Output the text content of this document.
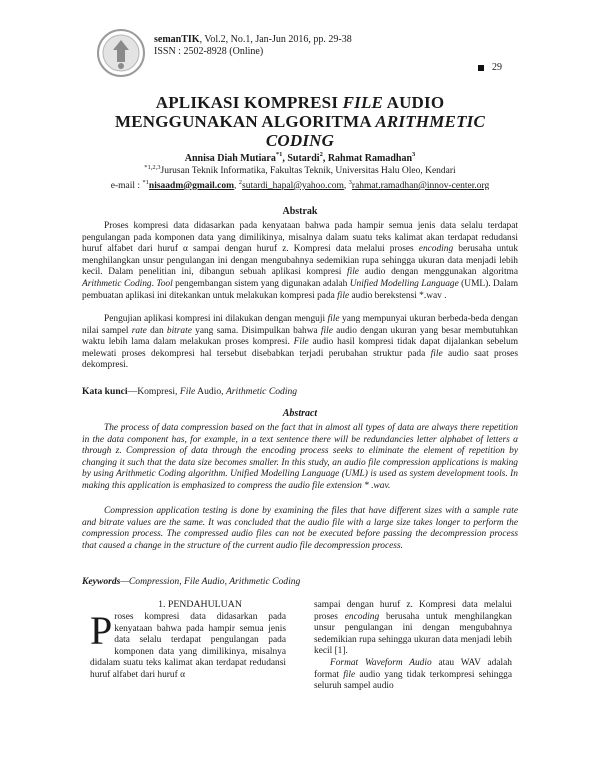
semanTIK, Vol.2, No.1, Jan-Jun 2016, pp. 29-38
ISSN : 2502-8928 (Online)
29
APLIKASI KOMPRESI FILE AUDIO
MENGGUNAKAN ALGORITMA ARITHMETIC
CODING
Annisa Diah Mutiara$^{*1}$, Sutardi$^2$, Rahmat Ramadhan$^3$
$^{*1,2,3}$Jurusan Teknik Informatika, Fakultas Teknik, Universitas Halu Oleo, Kendari
e-mail : $^{*1}$nisaadm@gmail.com, $^2$sutardi_hapal@yahoo.com, $^3$rahmat.ramadhan@innov-center.org
Abstrak
Proses kompresi data didasarkan pada kenyataan bahwa pada hampir semua jenis data selalu terdapat pengulangan pada komponen data yang dimilikinya, misalnya dalam suatu teks kalimat akan terdapat redudansi huruf alfabet dari huruf α sampai dengan huruf z. Kompresi data melalui proses encoding berusaha untuk menghilangkan unsur pengulangan ini dengan mengubahnya sedemikian rupa sehingga ukuran data menjadi lebih kecil. Dalam penelitian ini, dibangun sebuah aplikasi kompresi file audio dengan menggunakan algoritma Arithmetic Coding. Tool pengembangan sistem yang digunakan adalah Unified Modelling Language (UML). Dalam pembuatan aplikasi ini ditekankan untuk melakukan kompresi pada file audio berekstensi *.wav .
Pengujian aplikasi kompresi ini dilakukan dengan menguji file yang mempunyai ukuran berbeda-beda dengan nilai sampel rate dan bitrate yang sama. Disimpulkan bahwa file audio dengan ukuran yang besar membutuhkan waktu lebih lama dalam melakukan proses kompresi. File audio hasil kompresi tidak dapat dijalankan sebelum melewati proses dekompresi hal tersebut disebabkan terjadi perubahan struktur pada file audio saat proses dekompresi.
Kata kunci—Kompresi, File Audio, Arithmetic Coding
Abstract
The process of data compression based on the fact that in almost all types of data are always there repetition in the data component has, for example, in a text sentence there will be redundancies letter alphabet of letters α through z. Compression of data through the encoding process seeks to eliminate the element of repetition by changing it such that the data size becomes smaller. In this study, an audio file compression applications is making by using Arithmetic Coding algorithm. Unified Modelling Language (UML) is used as system development tools. In making this application is emphasized to compress the audio file extension * .wav.
Compression application testing is done by examining the files that have different sizes with a sample rate and bitrate values are the same. It was concluded that the audio file with a large size takes longer to perform the compression process. The compressed audio files can not be executed before passing the decompression process that caused a change in the structure of the current audio file decompression process.
Keywords—Compression, File Audio, Arithmetic Coding
1. PENDAHULUAN
Proses kompresi data didasarkan pada kenyataan bahwa pada hampir semua jenis data selalu terdapat pengulangan pada komponen data yang dimilikinya, misalnya didalam suatu teks kalimat akan terdapat redudansi huruf alfabet dari huruf α

sampai dengan huruf z. Kompresi data melalui proses encoding berusaha untuk menghilangkan unsur pengulangan ini dengan mengubahnya sedemikian rupa sehingga ukuran data menjadi lebih kecil [1].

Format Waveform Audio atau WAV adalah format file audio yang tidak terkompresi sehingga seluruh sampel audio
